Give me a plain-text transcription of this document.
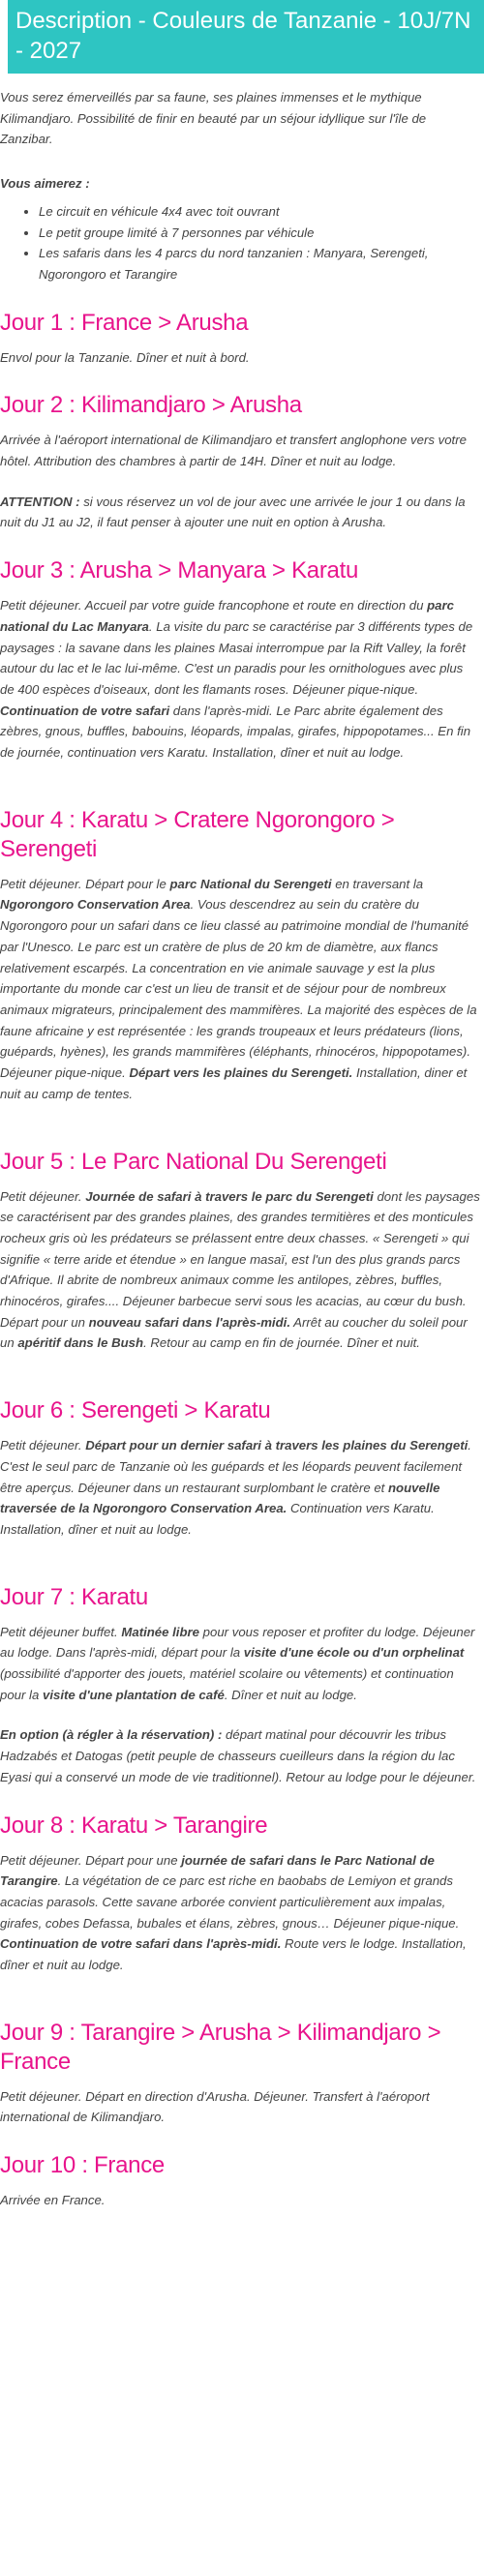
Description - Couleurs de Tanzanie - 10J/7N - 2027

Vous serez émerveillés par sa faune, ses plaines immenses et le mythique Kilimandjaro. Possibilité de finir en beauté par un séjour idyllique sur l'île de Zanzibar.

Vous aimerez :

• Le circuit en véhicule 4x4 avec toit ouvrant
• Le petit groupe limité à 7 personnes par véhicule
• Les safaris dans les 4 parcs du nord tanzanien : Manyara, Serengeti, Ngorongoro et Tarangire
Jour 1 : France > Arusha

Envol pour la Tanzanie. Dîner et nuit à bord.

Jour 2 : Kilimandjaro > Arusha

Arrivée à l'aéroport international de Kilimandjaro et transfert anglophone vers votre hôtel. Attribution des chambres à partir de 14H. Dîner et nuit au lodge.

ATTENTION : si vous réservez un vol de jour avec une arrivée le jour 1 ou dans la nuit du J1 au J2, il faut penser à ajouter une nuit en option à Arusha.

Jour 3 : Arusha > Manyara > Karatu

Petit déjeuner. Accueil par votre guide francophone et route en direction du parc national du Lac Manyara. La visite du parc se caractérise par 3 différents types de paysages : la savane dans les plaines Masai interrompue par la Rift Valley, la forêt autour du lac et le lac lui-même. C'est un paradis pour les ornithologues avec plus de 400 espèces d'oiseaux, dont les flamants roses. Déjeuner pique-nique. Continuation de votre safari dans l'après-midi. Le Parc abrite également des zèbres, gnous, buffles, babouins, léopards, impalas, girafes, hippopotames... En fin de journée, continuation vers Karatu. Installation, dîner et nuit au lodge.

Jour 4 : Karatu > Cratere Ngorongoro > Serengeti

Petit déjeuner. Départ pour le parc National du Serengeti en traversant la Ngorongoro Conservation Area. Vous descendrez au sein du cratère du Ngorongoro pour un safari dans ce lieu classé au patrimoine mondial de l'humanité par l'Unesco. Le parc est un cratère de plus de 20 km de diamètre, aux flancs relativement escarpés. La concentration en vie animale sauvage y est la plus importante du monde car c'est un lieu de transit et de séjour pour de nombreux animaux migrateurs, principalement des mammifères. La majorité des espèces de la faune africaine y est représentée : les grands troupeaux et leurs prédateurs (lions, guépards, hyènes), les grands mammifères (éléphants, rhinocéros, hippopotames). Déjeuner pique-nique. Départ vers les plaines du Serengeti. Installation, diner et nuit au camp de tentes.

Jour 5 : Le Parc National Du Serengeti

Petit déjeuner. Journée de safari à travers le parc du Serengeti dont les paysages se caractérisent par des grandes plaines, des grandes termitières et des monticules rocheux gris où les prédateurs se prélassent entre deux chasses. « Serengeti » qui signifie « terre aride et étendue » en langue masaï, est l'un des plus grands parcs d'Afrique. Il abrite de nombreux animaux comme les antilopes, zèbres, buffles, rhinocéros, girafes.... Déjeuner barbecue servi sous les acacias, au cœur du bush. Départ pour un nouveau safari dans l'après-midi. Arrêt au coucher du soleil pour un apéritif dans le Bush. Retour au camp en fin de journée. Dîner et nuit.

Jour 6 : Serengeti > Karatu

Petit déjeuner. Départ pour un dernier safari à travers les plaines du Serengeti. C'est le seul parc de Tanzanie où les guépards et les léopards peuvent facilement être aperçus. Déjeuner dans un restaurant surplombant le cratère et nouvelle traversée de la Ngorongoro Conservation Area. Continuation vers Karatu. Installation, dîner et nuit au lodge.

Jour 7 : Karatu

Petit déjeuner buffet. Matinée libre pour vous reposer et profiter du lodge. Déjeuner au lodge. Dans l'après-midi, départ pour la visite d'une école ou d'un orphelinat (possibilité d'apporter des jouets, matériel scolaire ou vêtements) et continuation pour la visite d'une plantation de café. Dîner et nuit au lodge.

En option (à régler à la réservation) : départ matinal pour découvrir les tribus Hadzabés et Datogas (petit peuple de chasseurs cueilleurs dans la région du lac Eyasi qui a conservé un mode de vie traditionnel). Retour au lodge pour le déjeuner.

Jour 8 : Karatu > Tarangire

Petit déjeuner. Départ pour une journée de safari dans le Parc National de Tarangire. La végétation de ce parc est riche en baobabs de Lemiyon et grands acacias parasols. Cette savane arborée convient particulièrement aux impalas, girafes, cobes Defassa, bubales et élans, zèbres, gnous… Déjeuner pique-nique. Continuation de votre safari dans l'après-midi. Route vers le lodge. Installation, dîner et nuit au lodge.

Jour 9 : Tarangire > Arusha > Kilimandjaro > France

Petit déjeuner. Départ en direction d'Arusha. Déjeuner. Transfert à l'aéroport international de Kilimandjaro.

Jour 10 : France

Arrivée en France.
